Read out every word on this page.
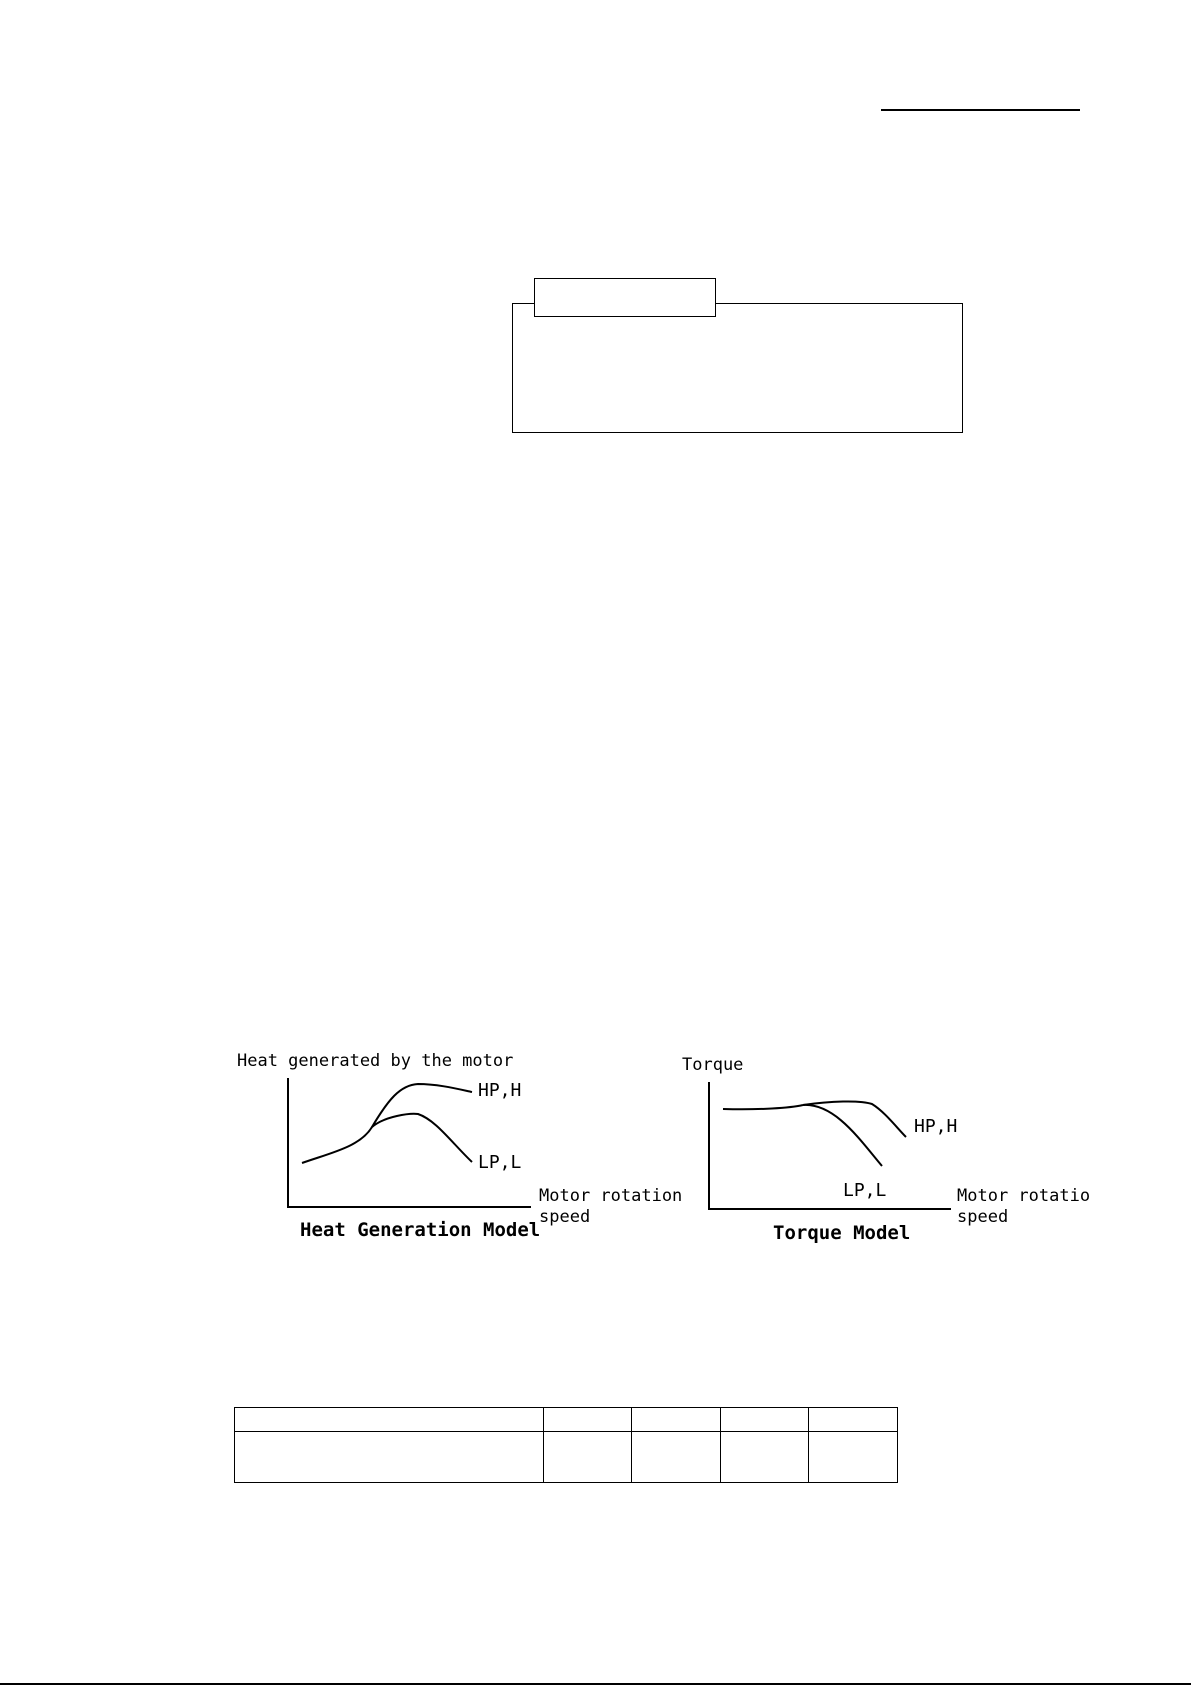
Heat generated by the motor
HP,H
LP,L
Motor rotation
speed
Heat Generation Model
Torque
HP,H
LP,L	Motor rotatio
speed
Torque Model
